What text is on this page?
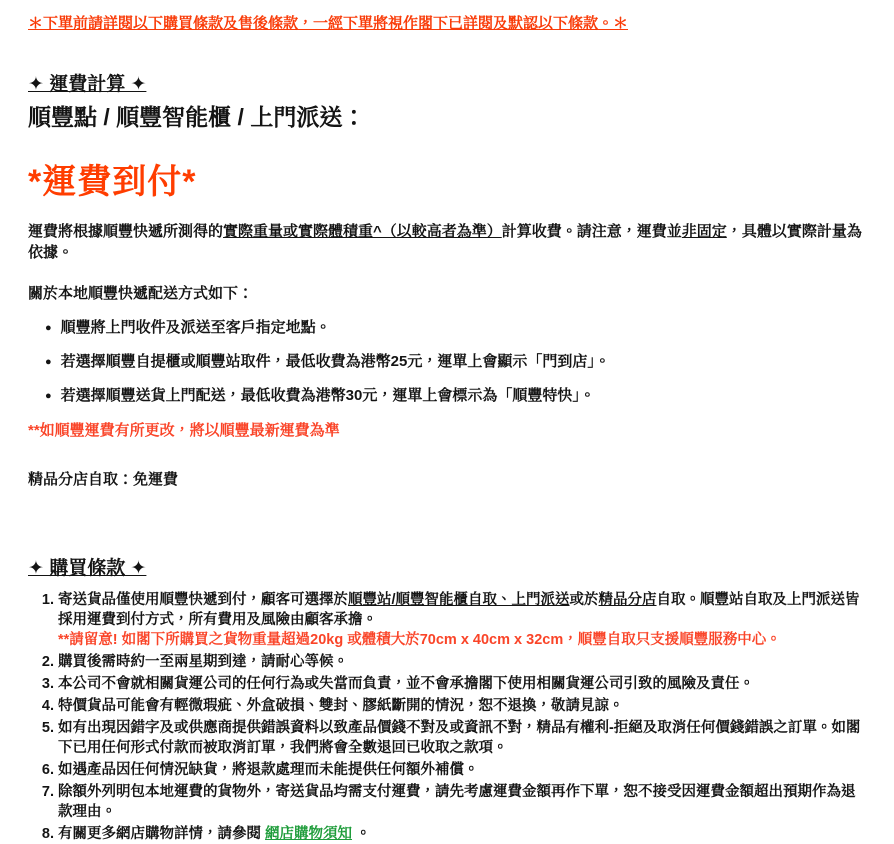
＊下單前請詳閱以下購買條款及售後條款，一經下單將視作閣下已詳閱及默認以下條款。＊

✦ 運費計算 ✦
順豐點 / 順豐智能櫃 / 上門派送：
*運費到付*

運費將根據順豐快遞所測得的實際重量或實際體積重^（以較高者為準）計算收費。請注意，運費並非固定，具體以實際計量為依據。

關於本地順豐快遞配送方式如下：

● 順豐將上門收件及派送至客戶指定地點。
● 若選擇順豐自提櫃或順豐站取件，最低收費為港幣25元，運單上會顯示「門到店」。
● 若選擇順豐送貨上門配送，最低收費為港幣30元，運單上會標示為「順豐特快」。

**如順豐運費有所更改，將以順豐最新運費為準

精品分店自取：免運費

✦ 購買條款 ✦
1. 寄送貨品僅使用順豐快遞到付，顧客可選擇於順豐站/順豐智能櫃自取、上門派送或於精品分店自取。順豐站自取及上門派送皆採用運費到付方式，所有費用及風險由顧客承擔。
**請留意! 如閣下所購買之貨物重量超過20kg 或體積大於70cm x 40cm x 32cm，順豐自取只支援順豐服務中心。
2. 購買後需時約一至兩星期到達，請耐心等候。
3. 本公司不會就相關貨運公司的任何行為或失當而負責，並不會承擔閣下使用相關貨運公司引致的風險及責任。
4. 特價貨品可能會有輕微瑕疵、外盒破損、雙封、膠紙斷開的情況，恕不退換，敬請見諒。
5. 如有出現因錯字及或供應商提供錯誤資料以致產品價錢不對及或資訊不對，精品有權利-拒絕及取消任何價錢錯誤之訂單。如閣下已用任何形式付款而被取消訂單，我們將會全數退回已收取之款項。
6. 如遇產品因任何情況缺貨，將退款處理而未能提供任何額外補償。
7. 除額外列明包本地運費的貨物外，寄送貨品均需支付運費，請先考慮運費金額再作下單，恕不接受因運費金額超出預期作為退款理由。
8. 有關更多網店購物詳情，請參閱 網店購物須知 。
